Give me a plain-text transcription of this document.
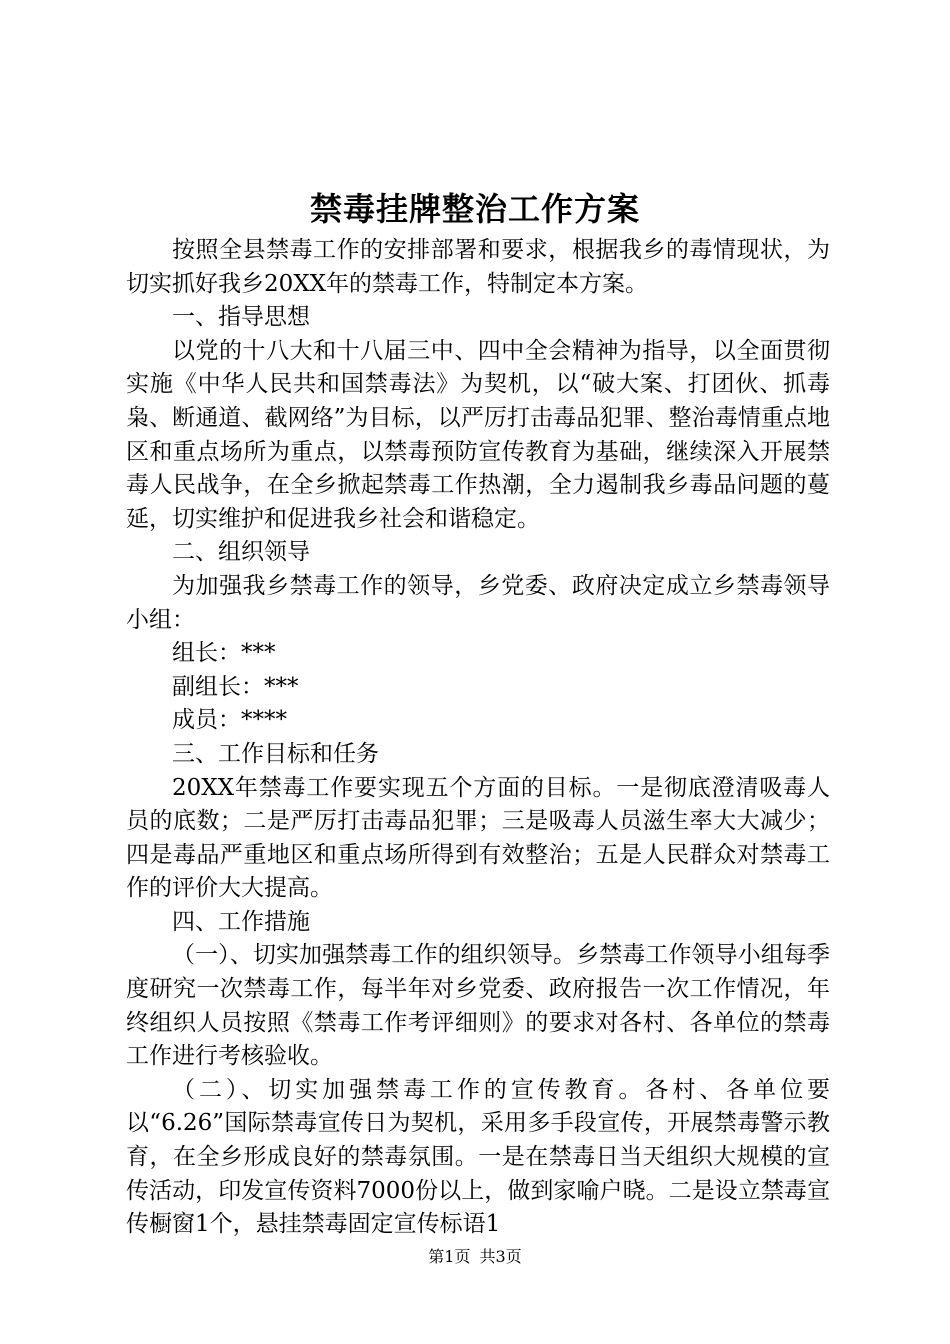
禁毒挂牌整治工作方案

按照全县禁毒工作的安排部署和要求，根据我乡的毒情现状，为切实抓好我乡20XX年的禁毒工作，特制定本方案。

一、指导思想

以党的十八大和十八届三中、四中全会精神为指导，以全面贯彻实施《中华人民共和国禁毒法》为契机，以“破大案、打团伙、抓毒枭、断通道、截网络”为目标，以严厉打击毒品犯罪、整治毒情重点地区和重点场所为重点，以禁毒预防宣传教育为基础，继续深入开展禁毒人民战争，在全乡掀起禁毒工作热潮，全力遏制我乡毒品问题的蔓延，切实维护和促进我乡社会和谐稳定。

二、组织领导

为加强我乡禁毒工作的领导，乡党委、政府决定成立乡禁毒领导小组：

组长：***

副组长：***

成员：****

三、工作目标和任务

20XX年禁毒工作要实现五个方面的目标。一是彻底澄清吸毒人员的底数；二是严厉打击毒品犯罪；三是吸毒人员滋生率大大减少；四是毒品严重地区和重点场所得到有效整治；五是人民群众对禁毒工作的评价大大提高。

四、工作措施

（一）、切实加强禁毒工作的组织领导。乡禁毒工作领导小组每季度研究一次禁毒工作，每半年对乡党委、政府报告一次工作情况，年终组织人员按照《禁毒工作考评细则》的要求对各村、各单位的禁毒工作进行考核验收。

（二）、切实加强禁毒工作的宣传教育。各村、各单位要以“6.26”国际禁毒宣传日为契机，采用多手段宣传，开展禁毒警示教育，在全乡形成良好的禁毒氛围。一是在禁毒日当天组织大规模的宣传活动，印发宣传资料7000份以上，做到家喻户晓。二是设立禁毒宣传橱窗1个，悬挂禁毒固定宣传标语1

第1页 共3页
